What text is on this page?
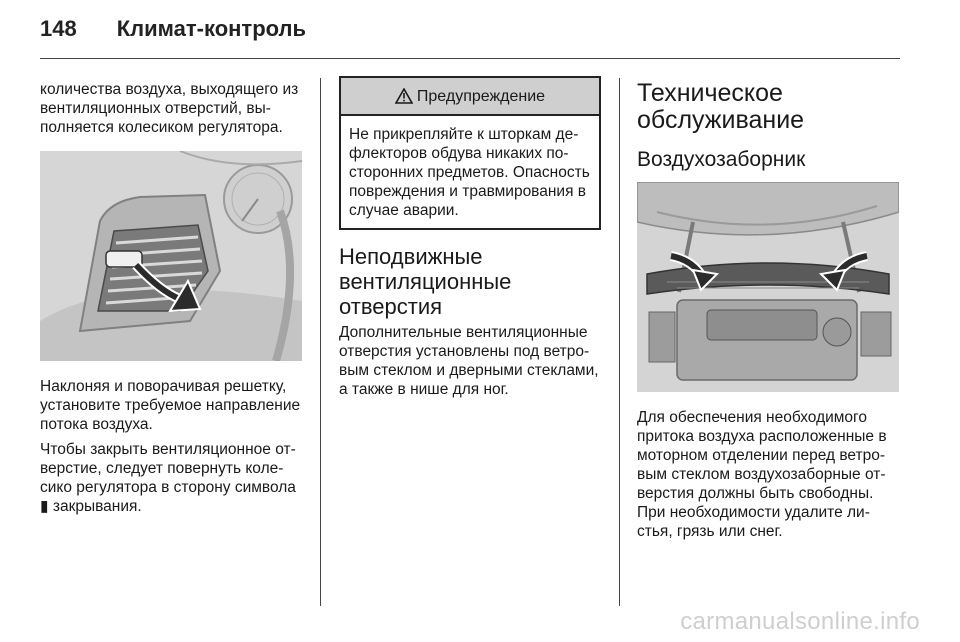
148 Климат-контроль

количества воздуха, выходящего из вентиляционных отверстий, выполняется колесиком регулятора.

Наклоняя и поворачивая решетку, установите требуемое направление потока воздуха.

Чтобы закрыть вентиляционное отверстие, следует повернуть колесико регулятора в сторону символа ▮ закрывания.

Предупреждение
Не прикрепляйте к шторкам дефлекторов обдува никаких посторонних предметов. Опасность повреждения и травмирования в случае аварии.
Неподвижные вентиляционные отверстия

Дополнительные вентиляционные отверстия установлены под ветровым стеклом и дверными стеклами, а также в нише для ног.

Техническое обслуживание
Воздухозаборник

Для обеспечения необходимого притока воздуха расположенные в моторном отделении перед ветровым стеклом воздухозаборные отверстия должны быть свободны. При необходимости удалите листья, грязь или снег.

carmanualsonline.info
